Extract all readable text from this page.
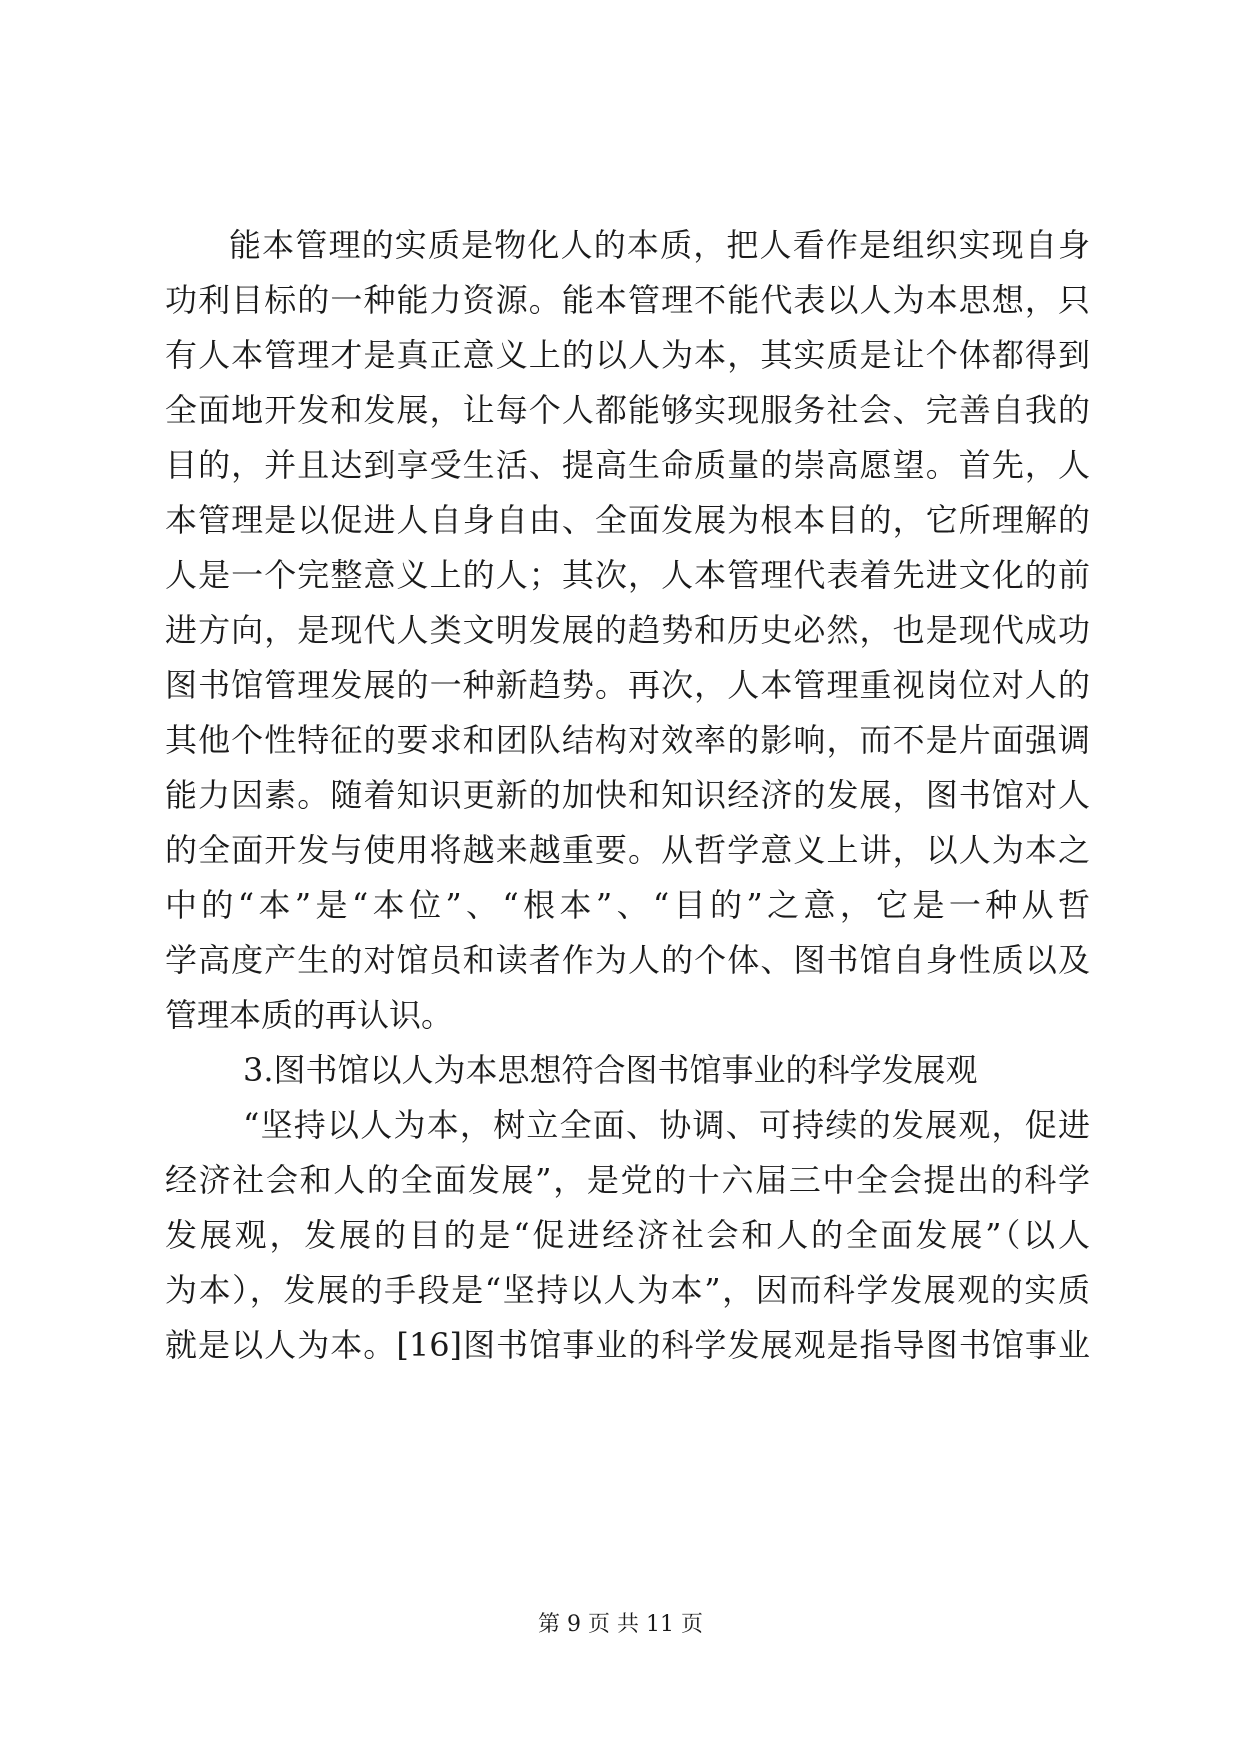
能本管理的实质是物化人的本质，把人看作是组织实现自身
功利目标的一种能力资源。能本管理不能代表以人为本思想，只
有人本管理才是真正意义上的以人为本，其实质是让个体都得到
全面地开发和发展，让每个人都能够实现服务社会、完善自我的
目的，并且达到享受生活、提高生命质量的崇高愿望。首先，人
本管理是以促进人自身自由、全面发展为根本目的，它所理解的
人是一个完整意义上的人；其次，人本管理代表着先进文化的前
进方向，是现代人类文明发展的趋势和历史必然，也是现代成功
图书馆管理发展的一种新趋势。再次，人本管理重视岗位对人的
其他个性特征的要求和团队结构对效率的影响，而不是片面强调
能力因素。随着知识更新的加快和知识经济的发展，图书馆对人
的全面开发与使用将越来越重要。从哲学意义上讲，以人为本之
中的“本”是“本位”、“根本”、“目的”之意，它是一种从哲
学高度产生的对馆员和读者作为人的个体、图书馆自身性质以及
管理本质的再认识。
3.图书馆以人为本思想符合图书馆事业的科学发展观
“坚持以人为本，树立全面、协调、可持续的发展观，促进
经济社会和人的全面发展”，是党的十六届三中全会提出的科学
发展观，发展的目的是“促进经济社会和人的全面发展”（以人
为本），发展的手段是“坚持以人为本”，因而科学发展观的实质
就是以人为本。[16]图书馆事业的科学发展观是指导图书馆事业
第 9 页 共 11 页
